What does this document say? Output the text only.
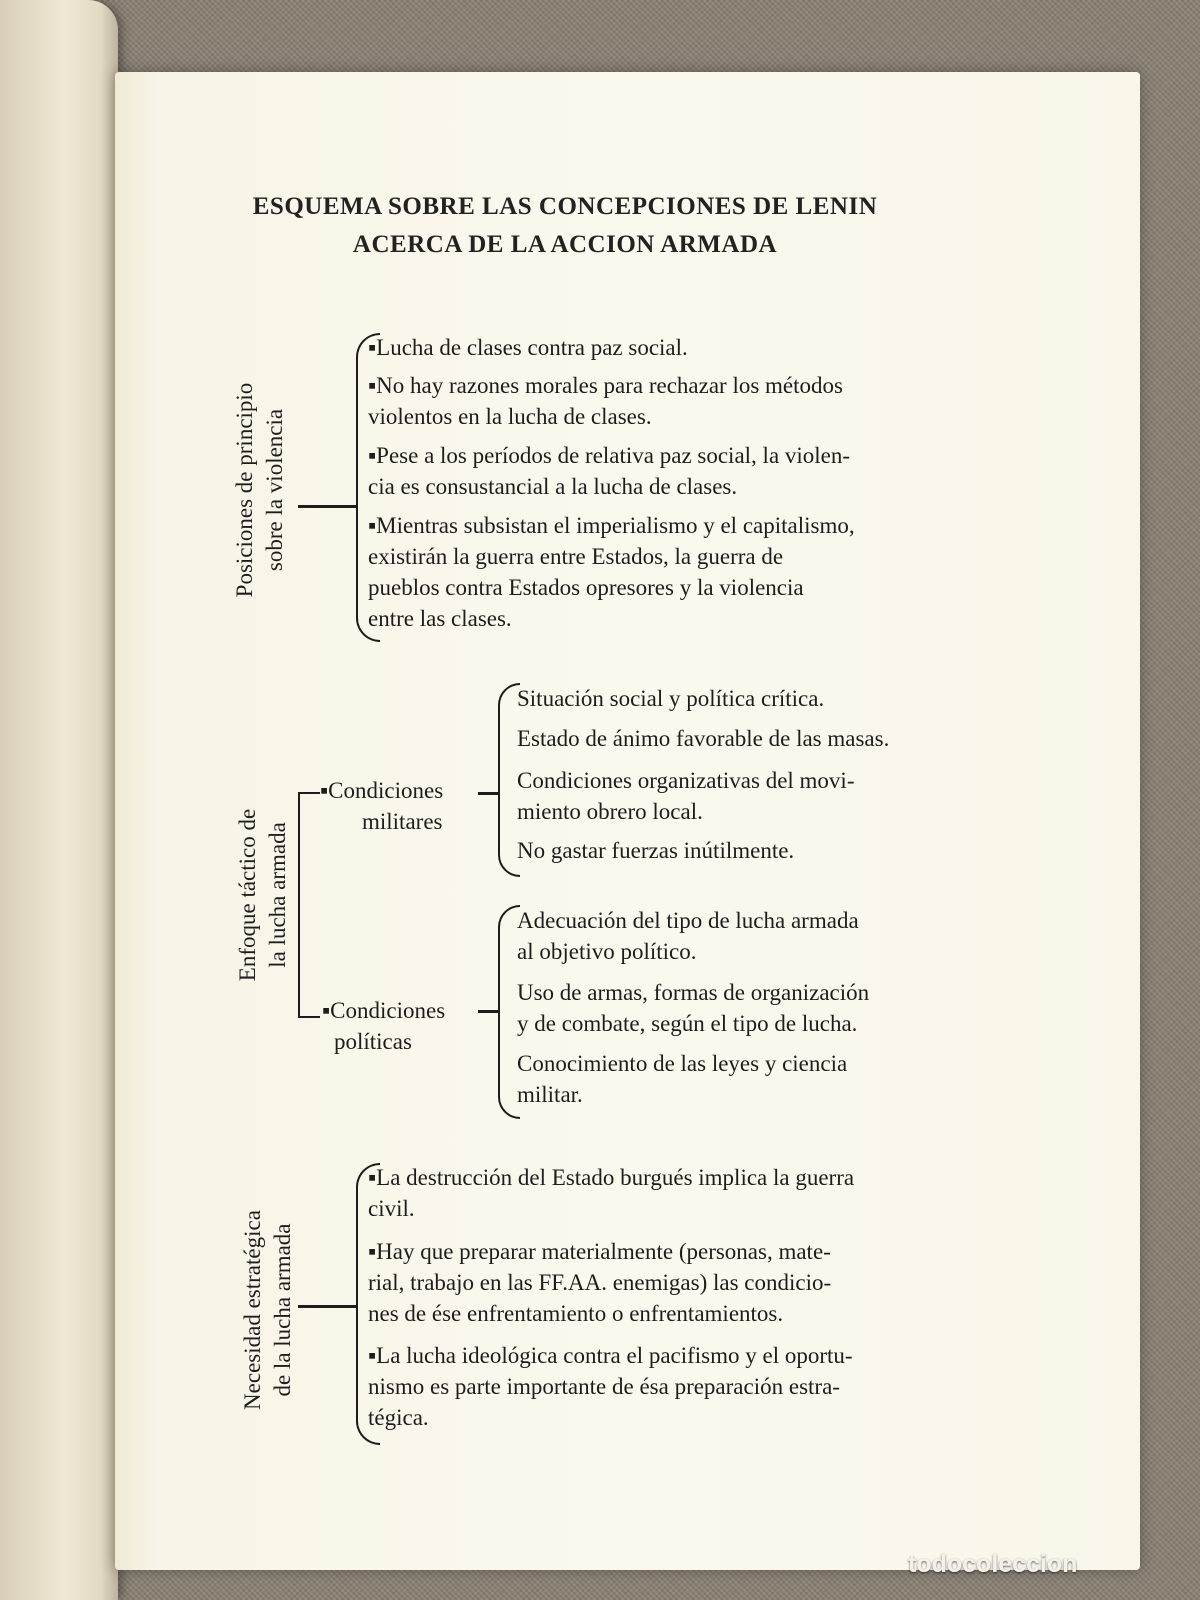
ESQUEMA SOBRE LAS CONCEPCIONES DE LENIN
ACERCA DE LA ACCION ARMADA
Posiciones de principio sobre la violencia
▪Lucha de clases contra paz social.
▪No hay razones morales para rechazar los métodos
violentos en la lucha de clases.
▪Pese a los períodos de relativa paz social, la violen-
cia es consustancial a la lucha de clases.
▪Mientras subsistan el imperialismo y el capitalismo,
existirán la guerra entre Estados, la guerra de
pueblos contra Estados opresores y la violencia
entre las clases.
Enfoque táctico de la lucha armada
▪Condiciones
militares
Situación social y política crítica.
Estado de ánimo favorable de las masas.
Condiciones organizativas del movi-
miento obrero local.
No gastar fuerzas inútilmente.
▪Condiciones
políticas
Adecuación del tipo de lucha armada
al objetivo político.
Uso de armas, formas de organización
y de combate, según el tipo de lucha.
Conocimiento de las leyes y ciencia
militar.
Necesidad estratégica de la lucha armada
▪La destrucción del Estado burgués implica la guerra
civil.
▪Hay que preparar materialmente (personas, mate-
rial, trabajo en las FF.AA. enemigas) las condicio-
nes de ése enfrentamiento o enfrentamientos.
▪La lucha ideológica contra el pacifismo y el oportu-
nismo es parte importante de ésa preparación estra-
tégica.
todocoleccion
